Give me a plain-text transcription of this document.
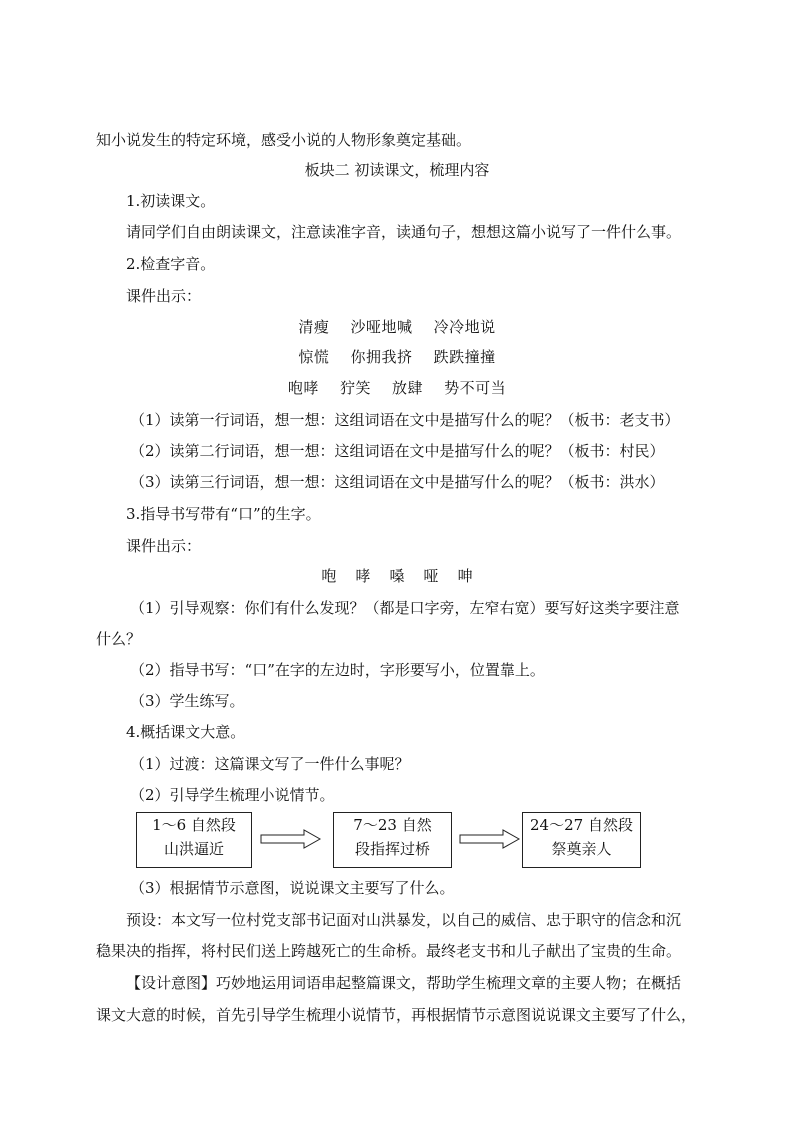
知小说发生的特定环境，感受小说的人物形象奠定基础。
板块二 初读课文，梳理内容
1.初读课文。
请同学们自由朗读课文，注意读准字音，读通句子，想想这篇小说写了一件什么事。
2.检查字音。
课件出示：
清瘦    沙哑地喊    冷冷地说
惊慌    你拥我挤    跌跌撞撞
咆哮    狞笑    放肆    势不可当
（1）读第一行词语，想一想：这组词语在文中是描写什么的呢？（板书：老支书）
（2）读第二行词语，想一想：这组词语在文中是描写什么的呢？（板书：村民）
（3）读第三行词语，想一想：这组词语在文中是描写什么的呢？（板书：洪水）
3.指导书写带有“口”的生字。
课件出示：
咆    哮    嗓    哑    呻
（1）引导观察：你们有什么发现？（都是口字旁，左窄右宽）要写好这类字要注意
什么？
（2）指导书写：“口”在字的左边时，字形要写小，位置靠上。
（3）学生练写。
4.概括课文大意。
（1）过渡：这篇课文写了一件什么事呢？
（2）引导学生梳理小说情节。
1～6 自然段
山洪逼近
7～23 自然
段指挥过桥
24～27 自然段
祭奠亲人
（3）根据情节示意图，说说课文主要写了什么。
预设：本文写一位村党支部书记面对山洪暴发，以自己的威信、忠于职守的信念和沉
稳果决的指挥，将村民们送上跨越死亡的生命桥。最终老支书和儿子献出了宝贵的生命。
【设计意图】巧妙地运用词语串起整篇课文，帮助学生梳理文章的主要人物；在概括
课文大意的时候，首先引导学生梳理小说情节，再根据情节示意图说说课文主要写了什么，
